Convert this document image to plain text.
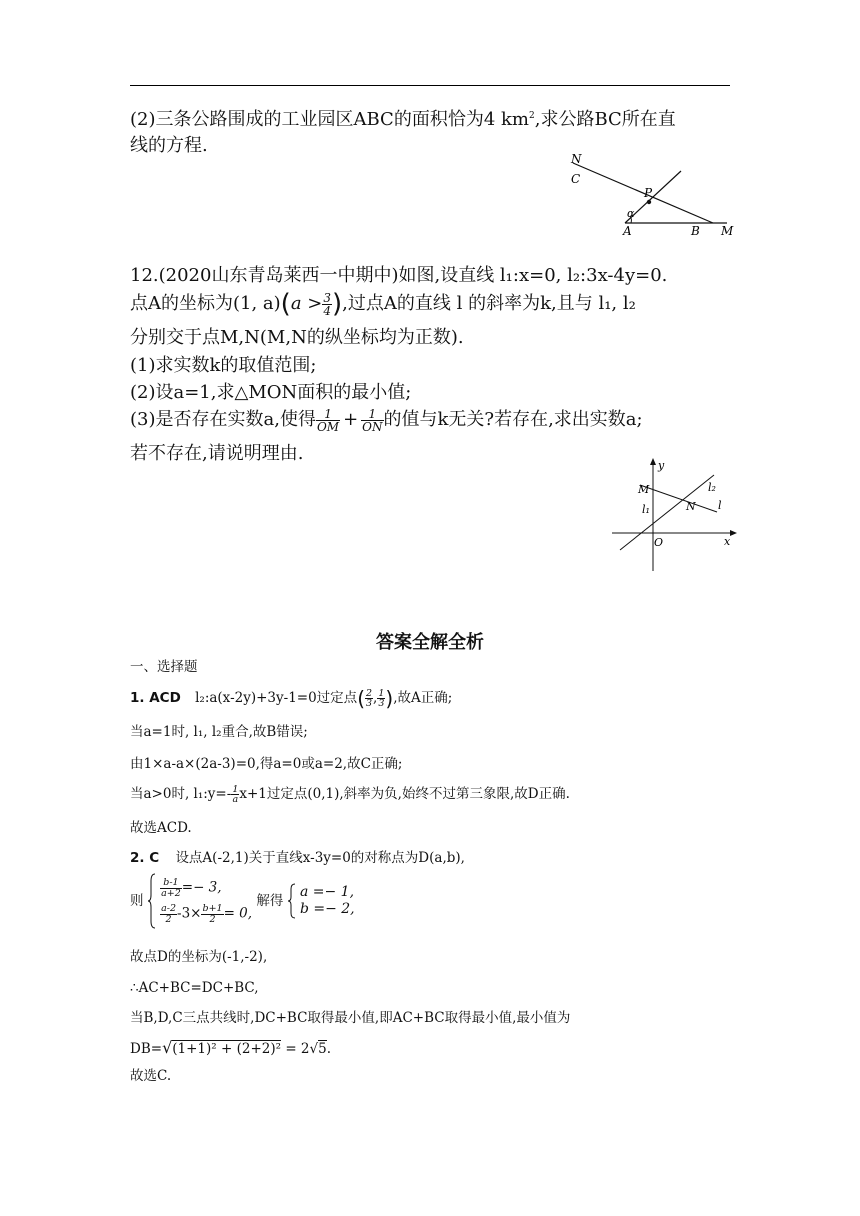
(2)三条公路围成的工业园区ABC的面积恰为4 $km^2$,求公路BC所在直
线的方程.
N
C
P
α
A	B M
12.(2020山东青岛莱西一中期中)如图,设直线 l₁:x=0, l₂:3x-4y=0.
点A的坐标为(1, $a)(a > \frac{3}{4}$ ),过点A的直线 l 的斜率为k,且与 l₁, l₂
分别交于点M,N(M,N的纵坐标均为正数).
(1)求实数k的取值范围;
(2)设a=1,求△MON面积的最小值;
(3)是否存在实数a,使得 $\frac{1}{OM} + \frac{1}{ON}$ 的值与k无关?若存在,求出实数a;
若不存在,请说明理由.
y
M	l₂
l
l₁	N
O	x
答案全解全析
一、选择题
1. ACD l₂:a(x-2y)+3y-1=0过定点( $\frac{2}{3}$ , $\frac{1}{3}$ ),故A正确;
当a=1时, l₁, l₂重合,故B错误;
由1×a-a×(2a-3)=0,得a=0或a=2,故C正确;
当a>0时, l₁:y=- $\frac{1}{a} x+1$过定点(0,1),斜率为负,始终不过第三象限,故D正确.
故选ACD.
2. C 设点A(-2,1)关于直线x-3y=0的对称点为D(a,b),
则
$\frac{b-1}{a+2} =- 3$,
$\frac{a-2}{2} -3\times \frac{b+1}{2} = 0$,
解得
a =− 1,
b =− 2,
故点D的坐标为(-1,-2),
∴AC+BC=DC+BC,
当B,D,C三点共线时,DC+BC取得最小值,即AC+BC取得最小值,最小值为
DB=√(1+1)² + (2+2)² = 2√5.
故选C.
